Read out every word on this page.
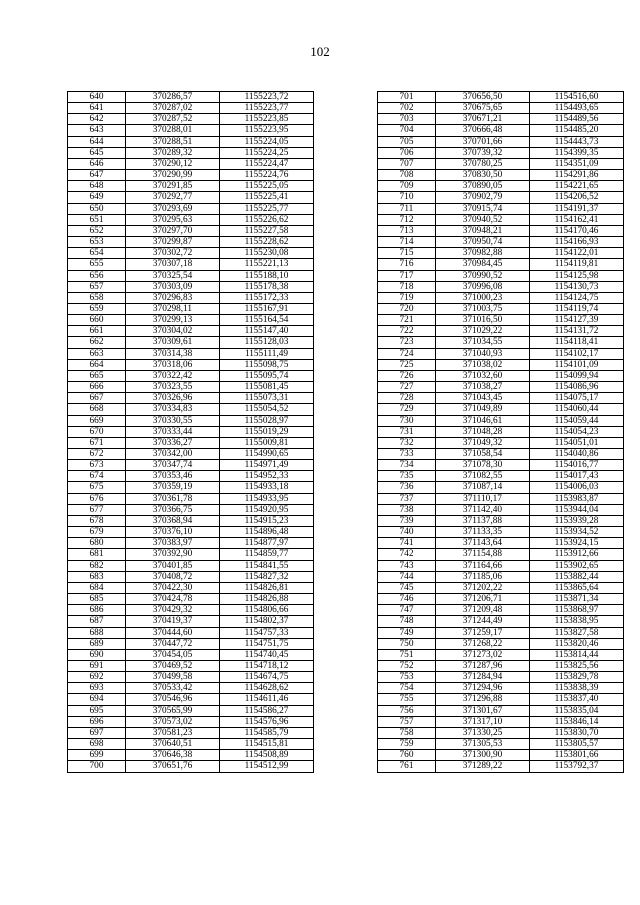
102
640	370286,57	1155223,72
641	370287,02	1155223,77
642	370287,52	1155223,85
643	370288,01	1155223,95
644	370288,51	1155224,05
645	370289,32	1155224,25
646	370290,12	1155224,47
647	370290,99	1155224,76
648	370291,85	1155225,05
649	370292,77	1155225,41
650	370293,69	1155225,77
651	370295,63	1155226,62
652	370297,70	1155227,58
653	370299,87	1155228,62
654	370302,72	1155230,08
655	370307,18	1155221,13
656	370325,54	1155188,10
657	370303,09	1155178,38
658	370296,83	1155172,33
659	370298,11	1155167,91
660	370299,13	1155164,54
661	370304,02	1155147,40
662	370309,61	1155128,03
663	370314,38	1155111,49
664	370318,06	1155098,75
665	370322,42	1155095,74
666	370323,55	1155081,45
667	370326,96	1155073,31
668	370334,83	1155054,52
669	370330,55	1155028,97
670	370333,44	1155019,29
671	370336,27	1155009,81
672	370342,00	1154990,65
673	370347,74	1154971,49
674	370353,46	1154952,33
675	370359,19	1154933,18
676	370361,78	1154933,95
677	370366,75	1154920,95
678	370368,94	1154915,23
679	370376,10	1154896,48
680	370383,97	1154877,97
681	370392,90	1154859,77
682	370401,85	1154841,55
683	370408,72	1154827,32
684	370422,30	1154826,81
685	370424,78	1154826,88
686	370429,32	1154806,66
687	370419,37	1154802,37
688	370444,60	1154757,33
689	370447,72	1154751,75
690	370454,05	1154740,45
691	370469,52	1154718,12
692	370499,58	1154674,75
693	370533,42	1154628,62
694	370546,96	1154611,46
695	370565,99	1154586,27
696	370573,02	1154576,96
697	370581,23	1154585,79
698	370640,51	1154515,81
699	370646,38	1154508,89
700	370651,76	1154512,99
701	370656,50	1154516,60
702	370675,65	1154493,65
703	370671,21	1154489,56
704	370666,48	1154485,20
705	370701,66	1154443,73
706	370739,32	1154399,35
707	370780,25	1154351,09
708	370830,50	1154291,86
709	370890,05	1154221,65
710	370902,79	1154206,52
711	370915,74	1154191,37
712	370940,52	1154162,41
713	370948,21	1154170,46
714	370950,74	1154166,93
715	370982,88	1154122,01
716	370984,45	1154119,81
717	370990,52	1154125,98
718	370996,08	1154130,73
719	371000,23	1154124,75
720	371003,75	1154119,74
721	371016,50	1154127,39
722	371029,22	1154131,72
723	371034,55	1154118,41
724	371040,93	1154102,17
725	371038,02	1154101,09
726	371032,60	1154099,94
727	371038,27	1154086,96
728	371043,45	1154075,17
729	371049,89	1154060,44
730	371046,61	1154059,44
731	371048,28	1154054,23
732	371049,32	1154051,01
733	371058,54	1154040,86
734	371078,30	1154016,77
735	371082,55	1154017,43
736	371087,14	1154006,03
737	371110,17	1153983,87
738	371142,40	1153944,04
739	371137,88	1153939,28
740	371133,35	1153934,52
741	371143,64	1153924,15
742	371154,88	1153912,66
743	371164,66	1153902,65
744	371185,06	1153882,44
745	371202,22	1153865,64
746	371206,71	1153871,34
747	371209,48	1153868,97
748	371244,49	1153838,95
749	371259,17	1153827,58
750	371268,22	1153820,46
751	371273,02	1153814,44
752	371287,96	1153825,56
753	371284,94	1153829,78
754	371294,96	1153838,39
755	371296,88	1153837,40
756	371301,67	1153835,04
757	371317,10	1153846,14
758	371330,25	1153830,70
759	371305,53	1153805,57
760	371300,90	1153801,66
761	371289,22	1153792,37
